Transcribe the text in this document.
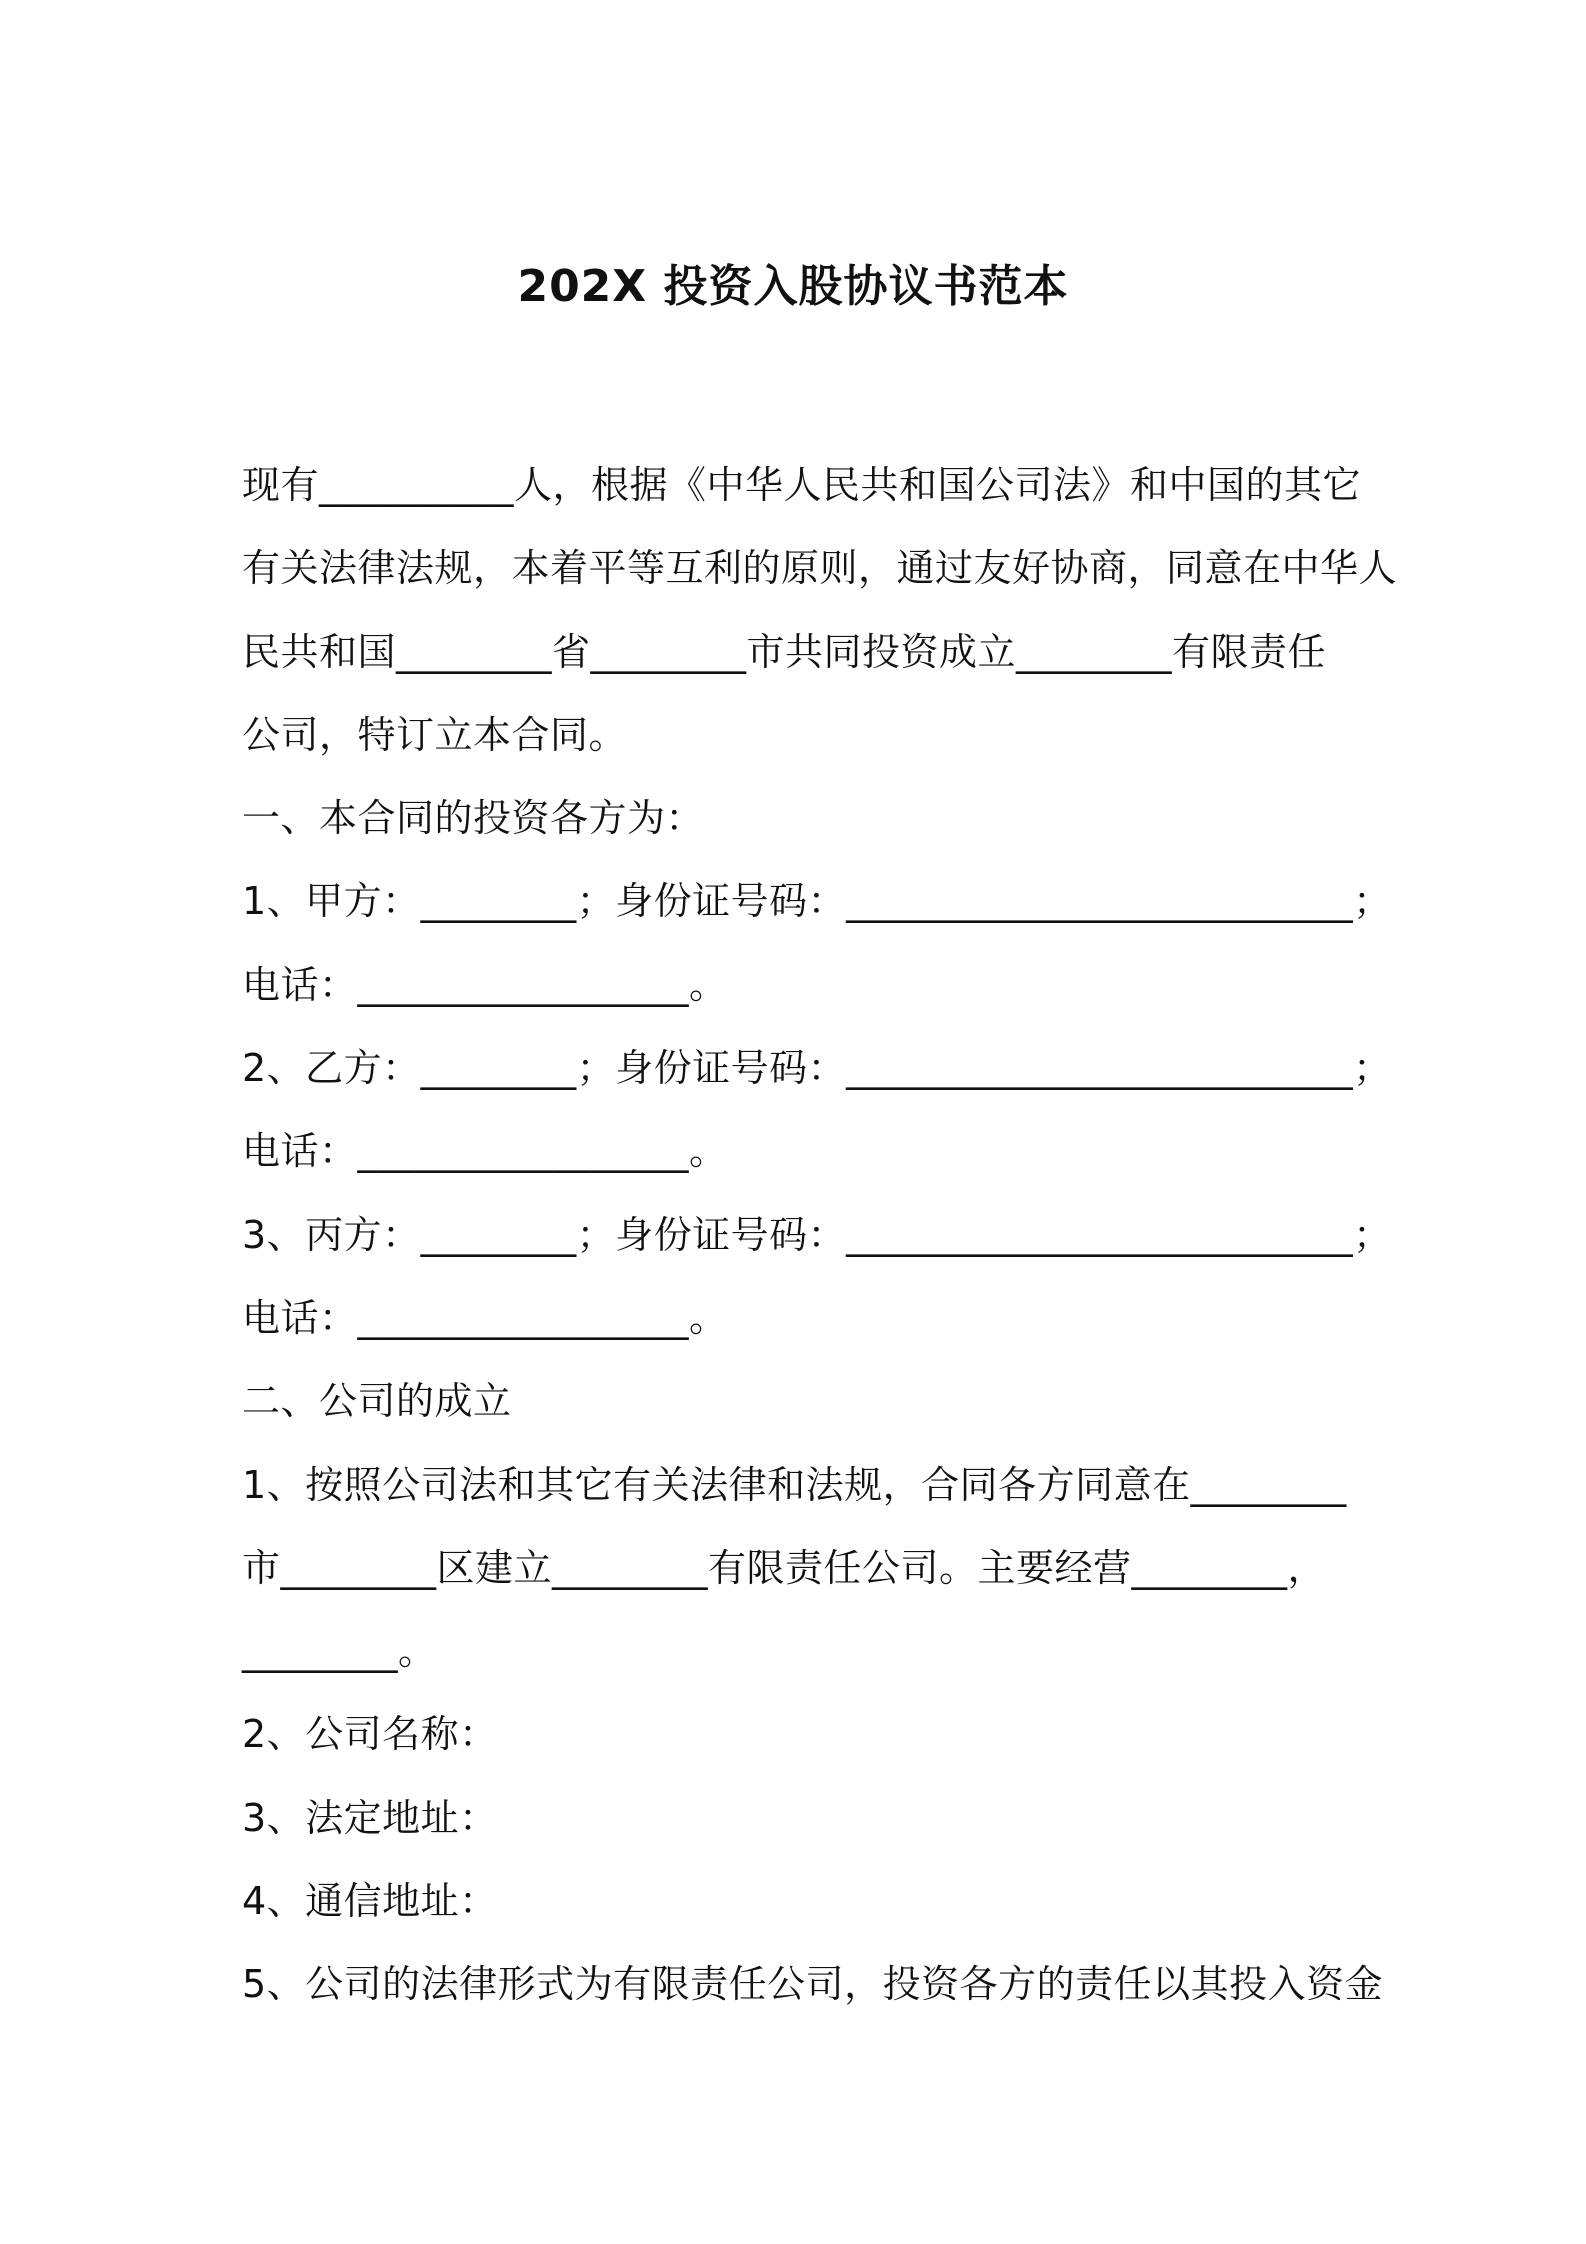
202X 投资入股协议书范本
现有__________人，根据《中华人民共和国公司法》和中国的其它
有关法律法规，本着平等互利的原则，通过友好协商，同意在中华人
民共和国________省________市共同投资成立________有限责任
公司，特订立本合同。
一、本合同的投资各方为：
1、甲方：________；身份证号码：__________________________；
电话：_________________。
2、乙方：________；身份证号码：__________________________；
电话：_________________。
3、丙方：________；身份证号码：__________________________；
电话：_________________。
二、公司的成立
1、按照公司法和其它有关法律和法规，合同各方同意在________
市________区建立________有限责任公司。主要经营________，
________。
2、公司名称：
3、法定地址：
4、通信地址：
5、公司的法律形式为有限责任公司，投资各方的责任以其投入资金
